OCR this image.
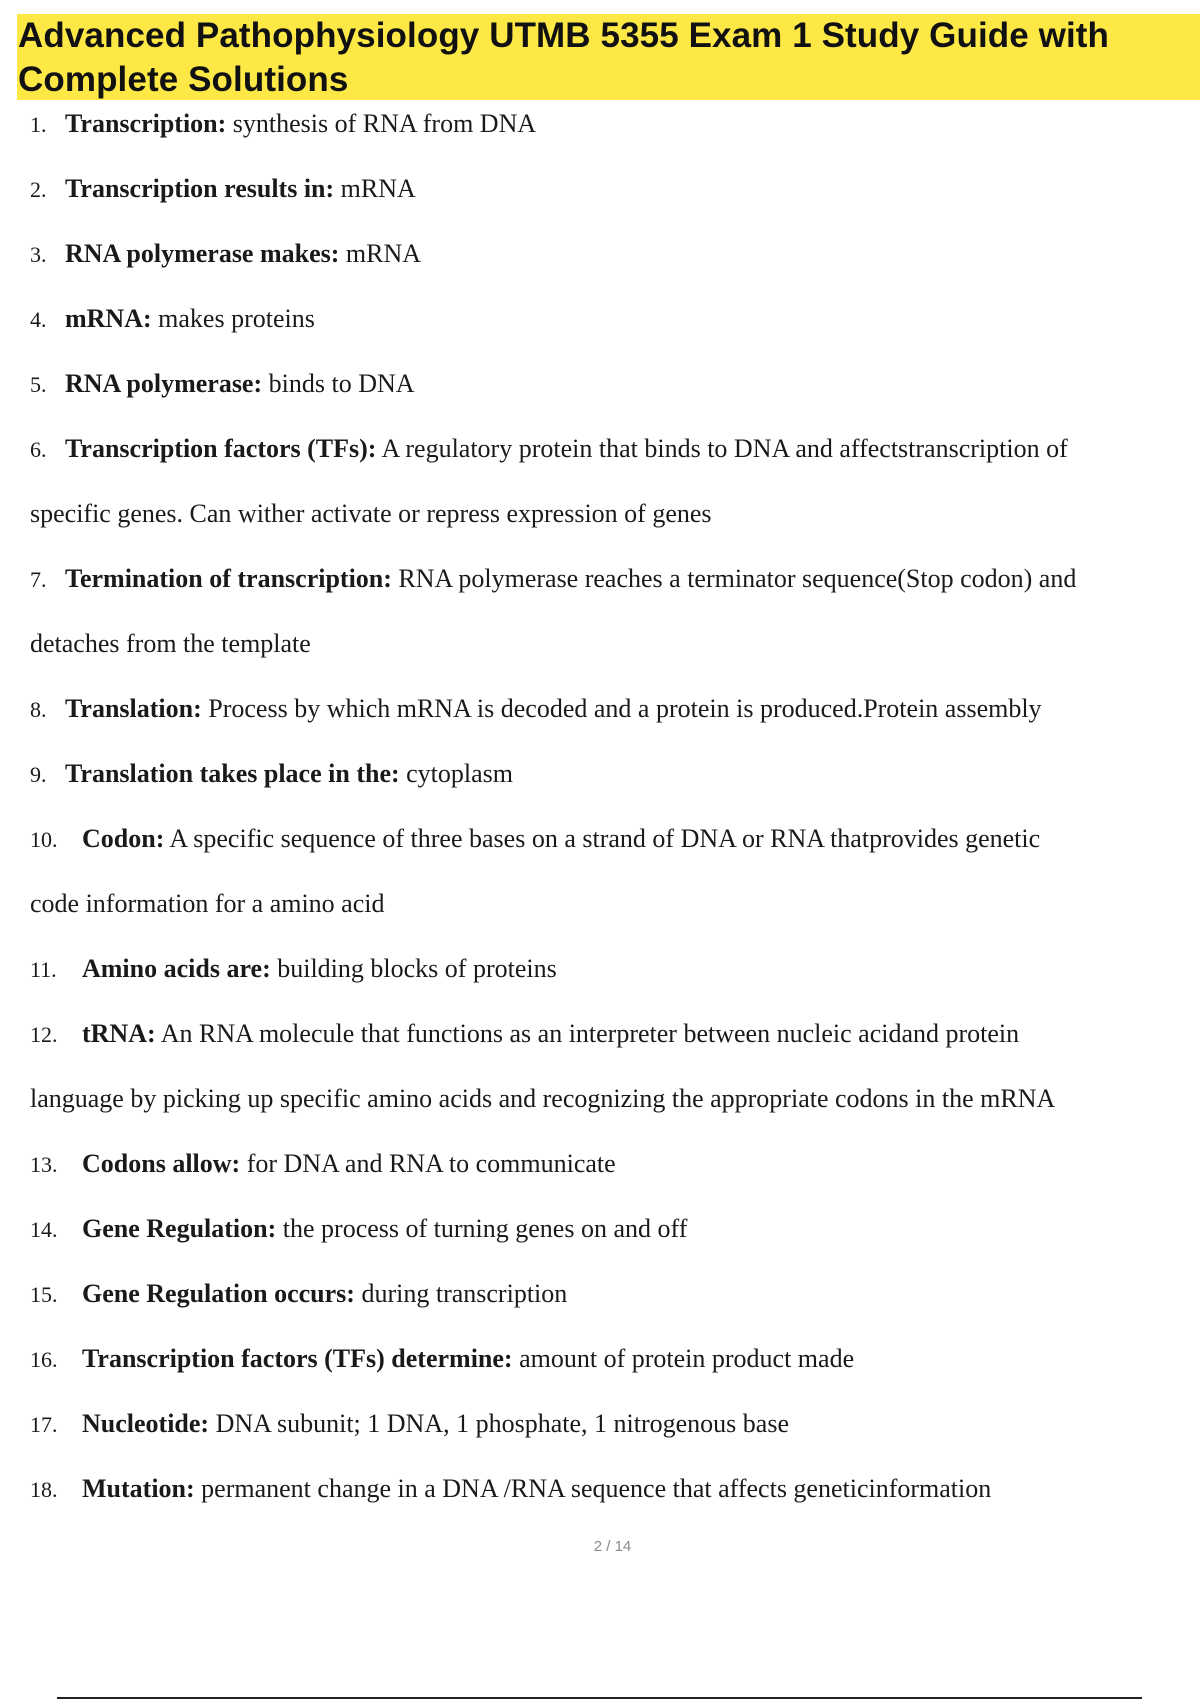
Advanced Pathophysiology UTMB 5355 Exam 1 Study Guide with
Complete Solutions
1. Transcription: synthesis of RNA from DNA
2. Transcription results in: mRNA
3. RNA polymerase makes: mRNA
4. mRNA: makes proteins
5. RNA polymerase: binds to DNA
6. Transcription factors (TFs): A regulatory protein that binds to DNA and affectstranscription of
specific genes. Can wither activate or repress expression of genes
7. Termination of transcription: RNA polymerase reaches a terminator sequence(Stop codon) and
detaches from the template
8. Translation: Process by which mRNA is decoded and a protein is produced.Protein assembly
9. Translation takes place in the: cytoplasm
10. Codon: A specific sequence of three bases on a strand of DNA or RNA thatprovides genetic
code information for a amino acid
11. Amino acids are: building blocks of proteins
12. tRNA: An RNA molecule that functions as an interpreter between nucleic acidand protein
language by picking up specific amino acids and recognizing the appropriate codons in the mRNA
13. Codons allow: for DNA and RNA to communicate
14. Gene Regulation: the process of turning genes on and off
15. Gene Regulation occurs: during transcription
16. Transcription factors (TFs) determine: amount of protein product made
17. Nucleotide: DNA subunit; 1 DNA, 1 phosphate, 1 nitrogenous base
18. Mutation: permanent change in a DNA /RNA sequence that affects geneticinformation
2 / 14
